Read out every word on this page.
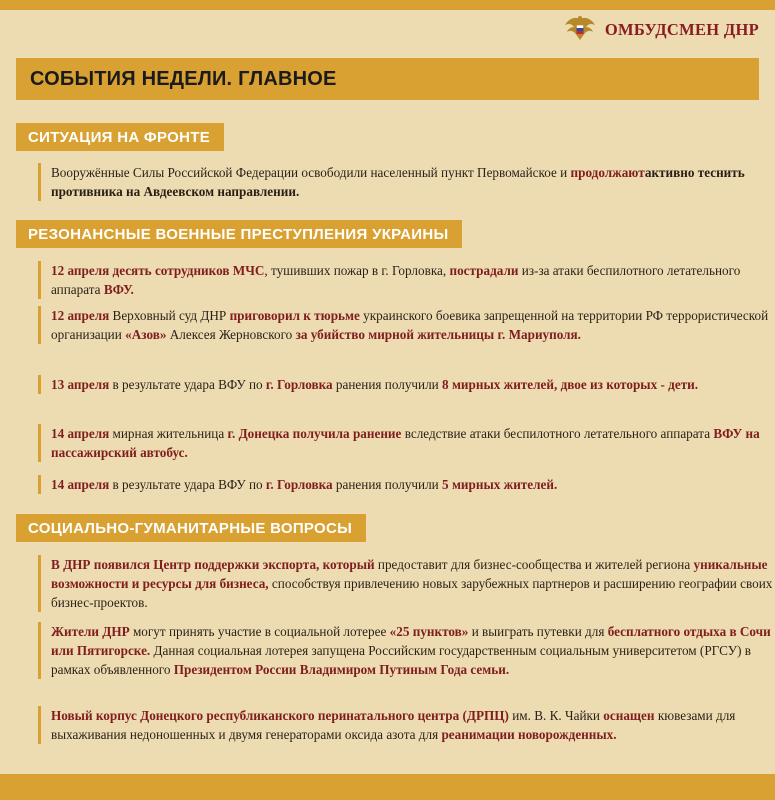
ОМБУДСМЕН ДНР
СОБЫТИЯ НЕДЕЛИ. ГЛАВНОЕ
СИТУАЦИЯ НА ФРОНТЕ
Вооружённые Силы Российской Федерации освободили населенный пункт Первомайское и продолжаютактивно теснить противника на Авдеевском направлении.
РЕЗОНАНСНЫЕ ВОЕННЫЕ ПРЕСТУПЛЕНИЯ УКРАИНЫ
12 апреля десять сотрудников МЧС, тушивших пожар в г. Горловка, пострадали из-за атаки беспилотного летательного аппарата ВФУ.
12 апреля Верховный суд ДНР приговорил к тюрьме украинского боевика запрещенной на территории РФ террористической организации «Азов» Алексея Жерновского за убийство мирной жительницы г. Мариуполя.
13 апреля в результате удара ВФУ по г. Горловка ранения получили 8 мирных жителей, двое из которых - дети.
14 апреля мирная жительница г. Донецка получила ранение вследствие атаки беспилотного летательного аппарата ВФУ на пассажирский автобус.
14 апреля в результате удара ВФУ по г. Горловка ранения получили 5 мирных жителей.
СОЦИАЛЬНО-ГУМАНИТАРНЫЕ ВОПРОСЫ
В ДНР появился Центр поддержки экспорта, который предоставит для бизнес-сообщества и жителей региона уникальные возможности и ресурсы для бизнеса, способствуя привлечению новых зарубежных партнеров и расширению географии своих бизнес-проектов.
Жители ДНР могут принять участие в социальной лотерее «25 пунктов» и выиграть путевки для бесплатного отдыха в Сочи или Пятигорске. Данная социальная лотерея запущена Российским государственным социальным университетом (РГСУ) в рамках объявленного Президентом России Владимиром Путиным Года семьи.
Новый корпус Донецкого республиканского перинатального центра (ДРПЦ) им. В. К. Чайки оснащен кювезами для выхаживания недоношенных и двумя генераторами оксида азота для реанимации новорожденных.
